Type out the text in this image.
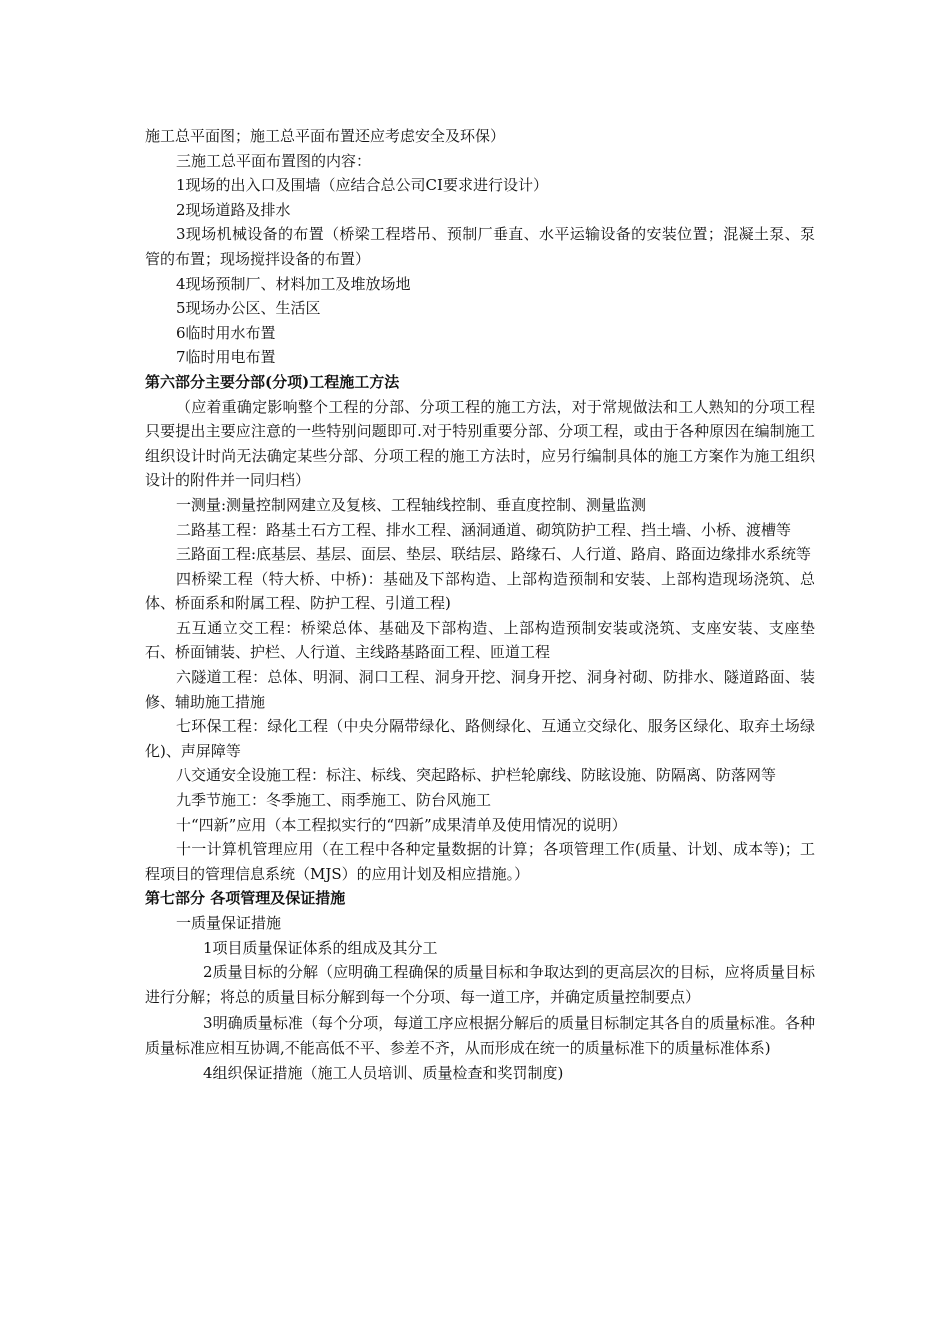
施工总平面图；施工总平面布置还应考虑安全及环保）

三施工总平面布置图的内容：

1现场的出入口及围墙（应结合总公司CI要求进行设计）

2现场道路及排水

3现场机械设备的布置（桥梁工程塔吊、预制厂垂直、水平运输设备的安装位置；混凝土泵、泵管的布置；现场搅拌设备的布置）

4现场预制厂、材料加工及堆放场地

5现场办公区、生活区

6临时用水布置

7临时用电布置

第六部分主要分部(分项)工程施工方法

（应着重确定影响整个工程的分部、分项工程的施工方法，对于常规做法和工人熟知的分项工程只要提出主要应注意的一些特别问题即可.对于特别重要分部、分项工程，或由于各种原因在编制施工组织设计时尚无法确定某些分部、分项工程的施工方法时，应另行编制具体的施工方案作为施工组织设计的附件并一同归档）

一测量:测量控制网建立及复核、工程轴线控制、垂直度控制、测量监测

二路基工程：路基土石方工程、排水工程、涵洞通道、砌筑防护工程、挡土墙、小桥、渡槽等

三路面工程:底基层、基层、面层、垫层、联结层、路缘石、人行道、路肩、路面边缘排水系统等

四桥梁工程（特大桥、中桥)：基础及下部构造、上部构造预制和安装、上部构造现场浇筑、总体、桥面系和附属工程、防护工程、引道工程)

五互通立交工程：桥梁总体、基础及下部构造、上部构造预制安装或浇筑、支座安装、支座垫石、桥面铺装、护栏、人行道、主线路基路面工程、匝道工程

六隧道工程：总体、明洞、洞口工程、洞身开挖、洞身开挖、洞身衬砌、防排水、隧道路面、装修、辅助施工措施

七环保工程：绿化工程（中央分隔带绿化、路侧绿化、互通立交绿化、服务区绿化、取弃土场绿化)、声屏障等

八交通安全设施工程：标注、标线、突起路标、护栏轮廓线、防眩设施、防隔离、防落网等

九季节施工：冬季施工、雨季施工、防台风施工

十“四新”应用（本工程拟实行的“四新”成果清单及使用情况的说明）

十一计算机管理应用（在工程中各种定量数据的计算；各项管理工作(质量、计划、成本等)；工程项目的管理信息系统（MJS）的应用计划及相应措施。）

第七部分 各项管理及保证措施

一质量保证措施

1项目质量保证体系的组成及其分工

2质量目标的分解（应明确工程确保的质量目标和争取达到的更高层次的目标，应将质量目标进行分解；将总的质量目标分解到每一个分项、每一道工序，并确定质量控制要点）

3明确质量标准（每个分项，每道工序应根据分解后的质量目标制定其各自的质量标准。各种质量标准应相互协调,不能高低不平、参差不齐，从而形成在统一的质量标准下的质量标准体系)

4组织保证措施（施工人员培训、质量检查和奖罚制度)
